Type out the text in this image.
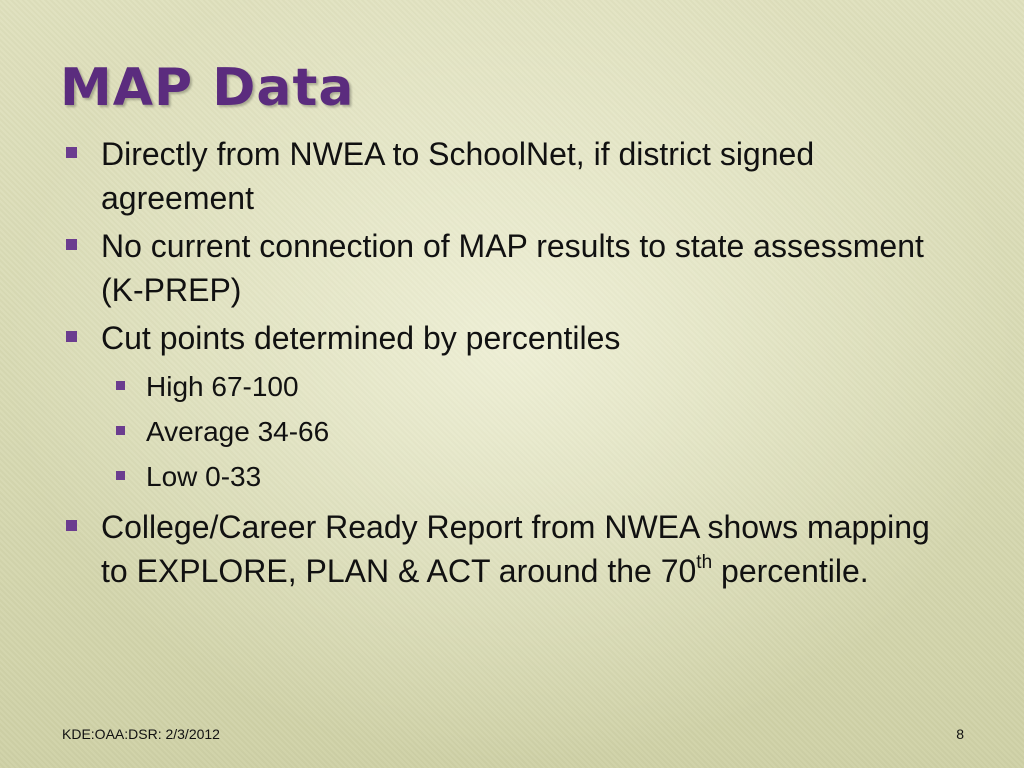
MAP Data
Directly from NWEA to SchoolNet, if district signed agreement
No current connection of MAP results to state assessment (K-PREP)
Cut points determined by percentiles
High 67-100
Average 34-66
Low 0-33
College/Career Ready Report from NWEA shows mapping to EXPLORE, PLAN & ACT around the 70th percentile.
KDE:OAA:DSR: 2/3/2012	8
